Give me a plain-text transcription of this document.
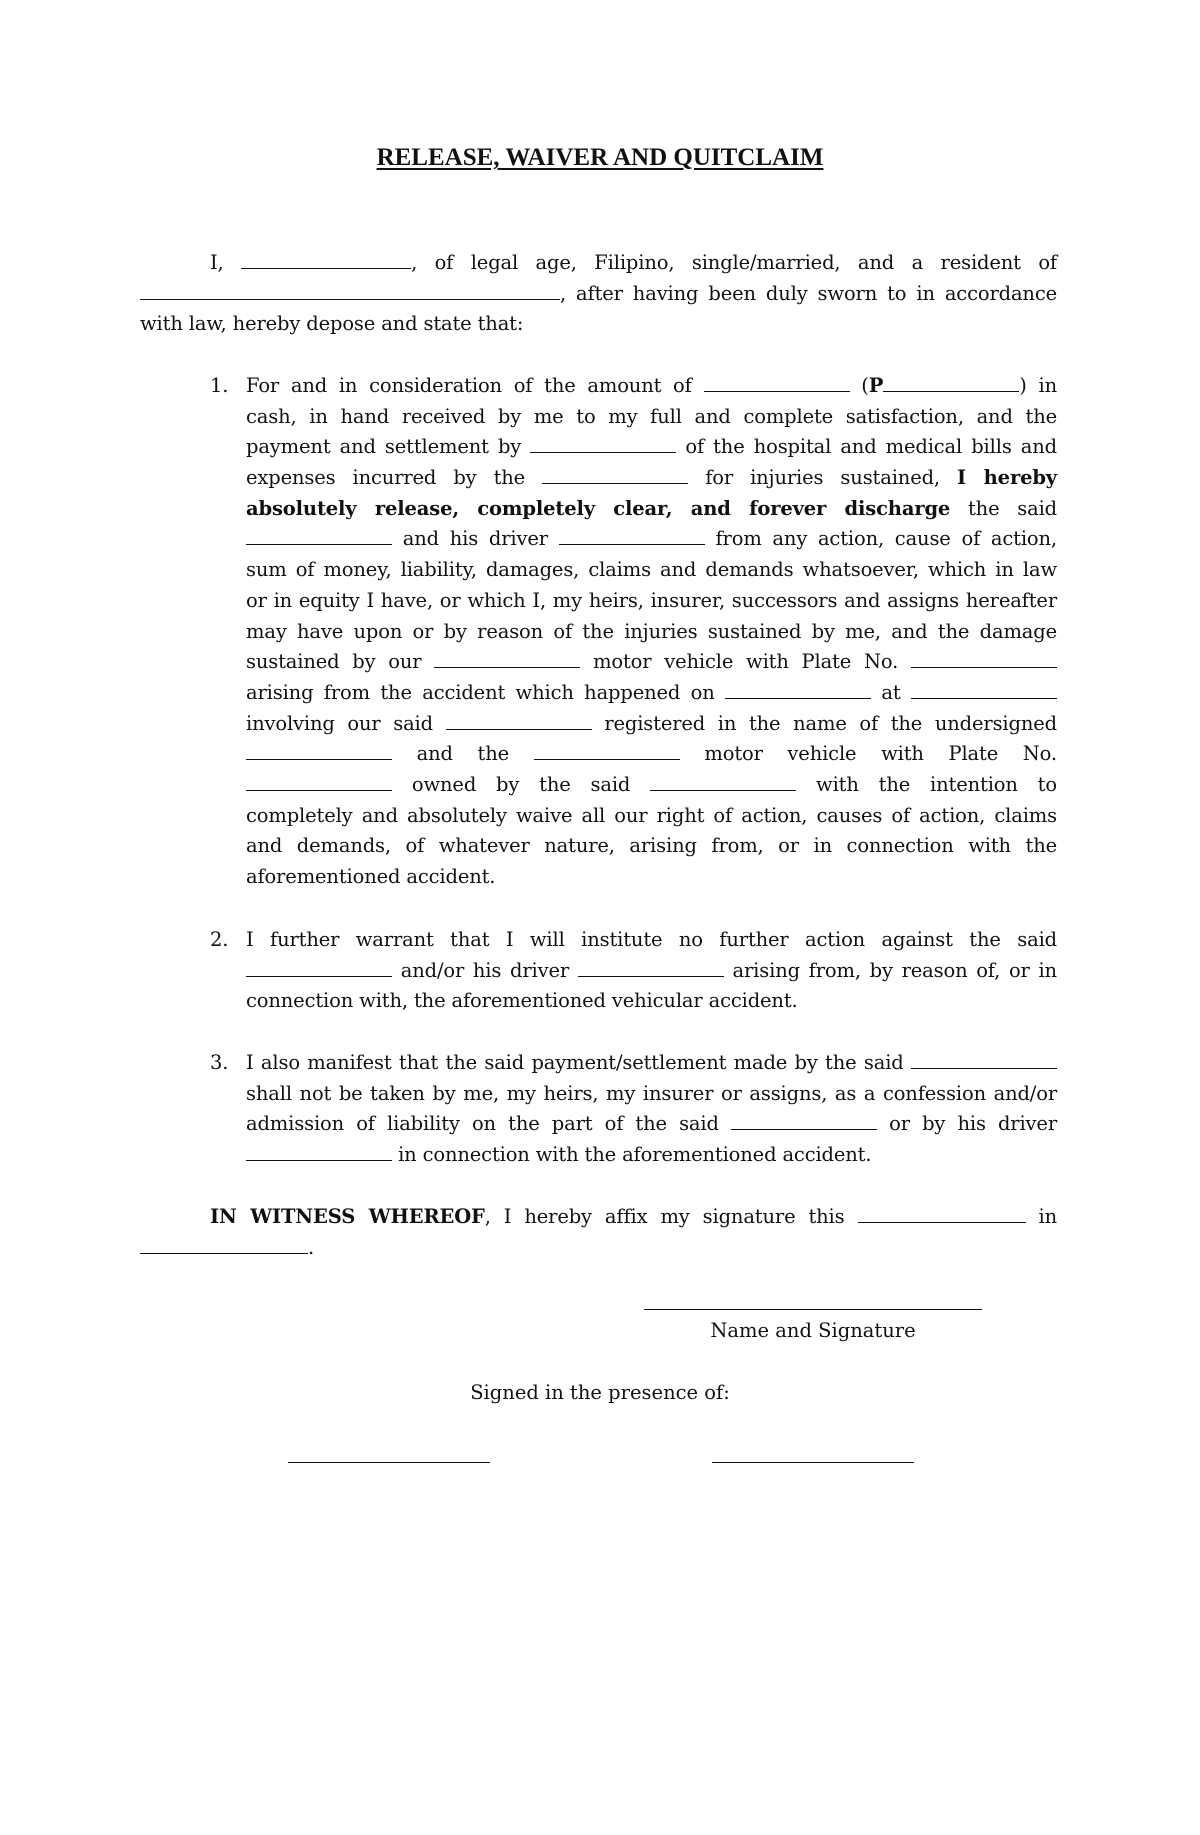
RELEASE, WAIVER AND QUITCLAIM
I,	, of legal age, Filipino, single/married, and a resident of
, after having been duly sworn to in accordance
with law, hereby depose and state that:
1. For and in consideration of the amount of	(P	) in
cash, in hand received by me to my full and complete satisfaction, and the
payment and settlement by	of the hospital and medical bills and
expenses incurred by the	for injuries sustained, I hereby
absolutely release, completely clear, and forever discharge the said
and his driver	from any action, cause of action,
sum of money, liability, damages, claims and demands whatsoever, which in law
or in equity I have, or which I, my heirs, insurer, successors and assigns hereafter
may have upon or by reason of the injuries sustained by me, and the damage
sustained by our	motor vehicle with Plate No.
arising from the accident which happened on	at
involving our said	registered in the name of the undersigned
and the	motor vehicle with Plate No.
owned by the said	with the intention to
completely and absolutely waive all our right of action, causes of action, claims
and demands, of whatever nature, arising from, or in connection with the
aforementioned accident.
2. I further warrant that I will institute no further action against the said
and/or his driver	arising from, by reason of, or in
connection with, the aforementioned vehicular accident.
3. I also manifest that the said payment/settlement made by the said
shall not be taken by me, my heirs, my insurer or assigns, as a confession and/or
admission of liability on the part of the said	or by his driver
in connection with the aforementioned accident.
IN WITNESS WHEREOF, I hereby affix my signature this	in
.
Name and Signature
Signed in the presence of:
